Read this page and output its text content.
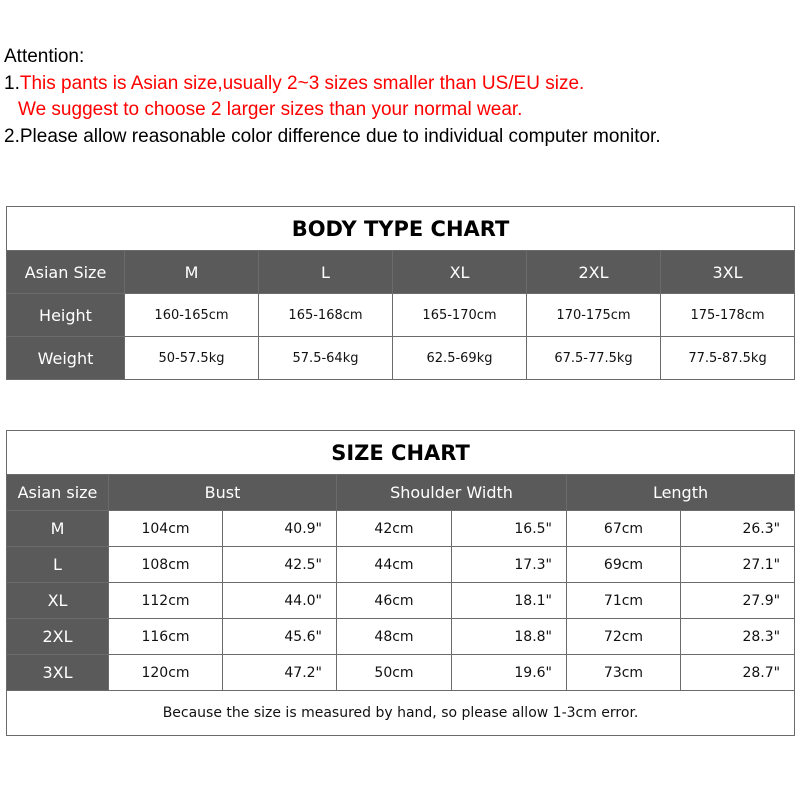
Attention:
1.This pants is Asian size,usually 2~3 sizes smaller than US/EU size.
We suggest to choose 2 larger sizes than your normal wear.
2.Please allow reasonable color difference due to individual computer monitor.
BODY TYPE CHART					
Asian Size	M	L	XL	2XL	3XL
Height	160-165cm	165-168cm	165-170cm	170-175cm	175-178cm
Weight	50-57.5kg	57.5-64kg	62.5-69kg	67.5-77.5kg	77.5-87.5kg
SIZE CHART						
Asian size	Bust		Shoulder Width		Length	
M	104cm	40.9"	42cm	16.5"	67cm	26.3"
L	108cm	42.5"	44cm	17.3"	69cm	27.1"
XL	112cm	44.0"	46cm	18.1"	71cm	27.9"
2XL	116cm	45.6"	48cm	18.8"	72cm	28.3"
3XL	120cm	47.2"	50cm	19.6"	73cm	28.7"
Because the size is measured by hand, so please allow 1-3cm error.						
